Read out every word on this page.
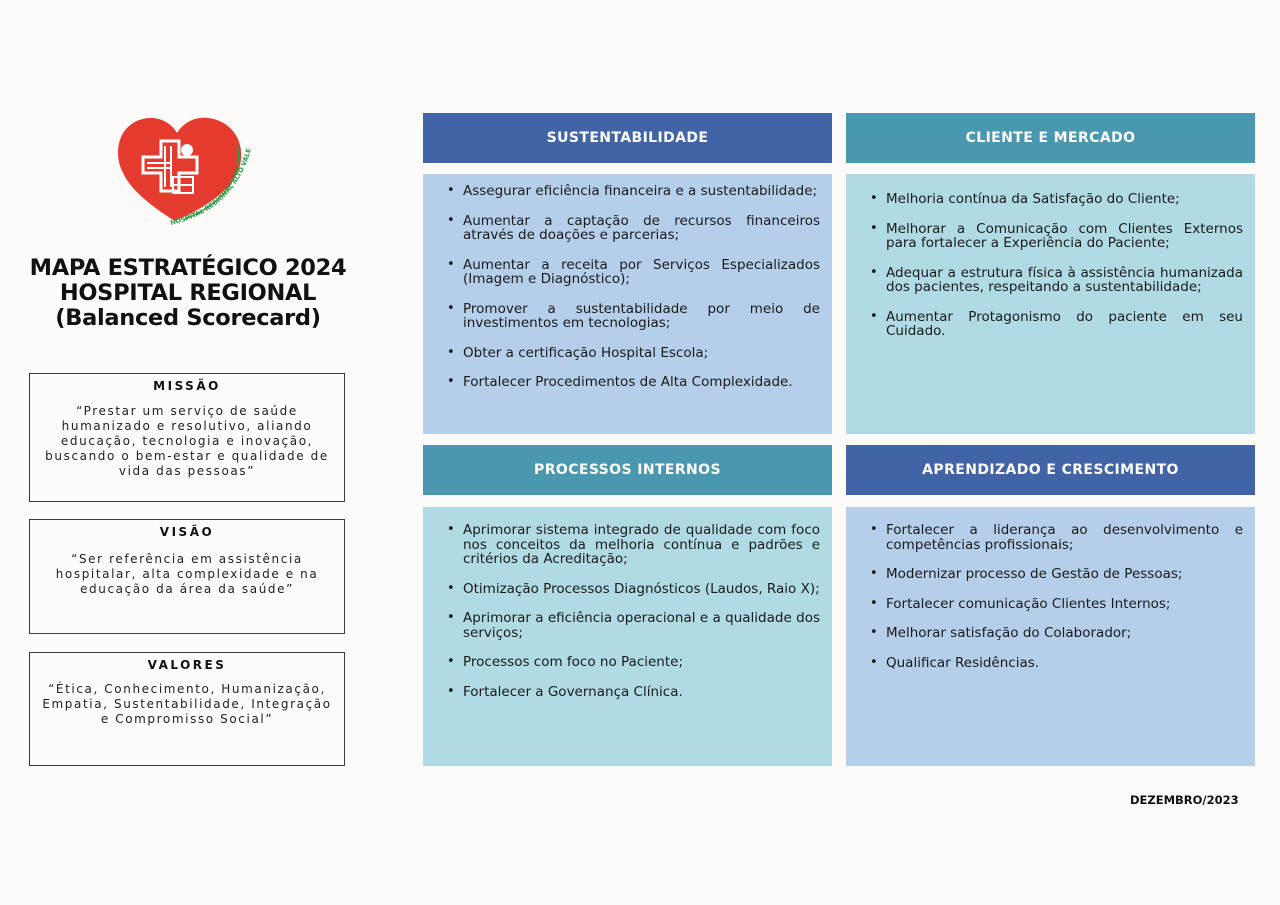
HOSPITAL REGIONAL ALTO VALE
MAPA ESTRATÉGICO 2024
HOSPITAL REGIONAL
(Balanced Scorecard)
MISSÃO
“Prestar um serviço de saúde humanizado e resolutivo, aliando educação, tecnologia e inovação, buscando o bem-estar e qualidade de vida das pessoas”
VISÃO
“Ser referência em assistência hospitalar, alta complexidade e na educação da área da saúde”
VALORES
“Ética, Conhecimento, Humanização, Empatia, Sustentabilidade, Integração e Compromisso Social”
SUSTENTABILIDADE
• Assegurar eficiência financeira e a sustentabilidade;
• Aumentar a captação de recursos financeiros através de doações e parcerias;
• Aumentar a receita por Serviços Especializados (Imagem e Diagnóstico);
• Promover a sustentabilidade por meio de investimentos em tecnologias;
• Obter a certificação Hospital Escola;
• Fortalecer Procedimentos de Alta Complexidade.
CLIENTE E MERCADO
• Melhoria contínua da Satisfação do Cliente;
• Melhorar a Comunicação com Clientes Externos para fortalecer a Experiência do Paciente;
• Adequar a estrutura física à assistência humanizada dos pacientes, respeitando a sustentabilidade;
• Aumentar Protagonismo do paciente em seu Cuidado.
PROCESSOS INTERNOS
• Aprimorar sistema integrado de qualidade com foco nos conceitos da melhoria contínua e padrões e critérios da Acreditação;
• Otimização Processos Diagnósticos (Laudos, Raio X);
• Aprimorar a eficiência operacional e a qualidade dos serviços;
• Processos com foco no Paciente;
• Fortalecer a Governança Clínica.
APRENDIZADO E CRESCIMENTO
• Fortalecer a liderança ao desenvolvimento e competências profissionais;
• Modernizar processo de Gestão de Pessoas;
• Fortalecer comunicação Clientes Internos;
• Melhorar satisfação do Colaborador;
• Qualificar Residências.
DEZEMBRO/2023
